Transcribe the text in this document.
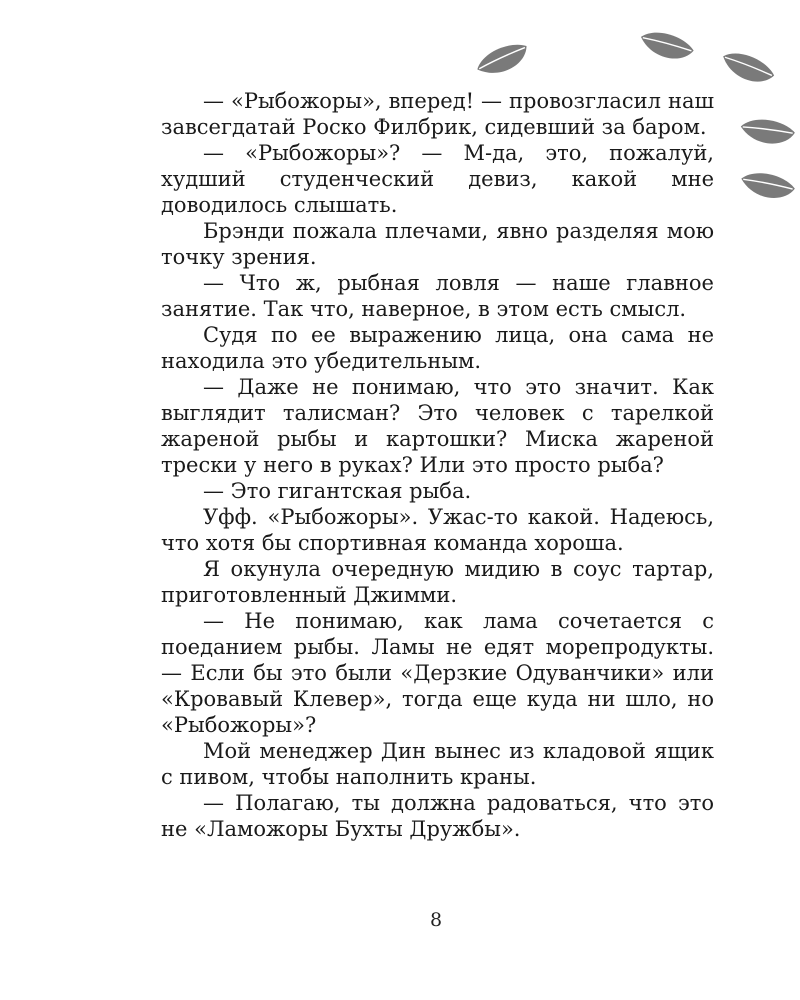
— «Рыбожоры», вперед! — провозгласил наш завсегдатай Роско Филбрик, сидевший за баром.

— «Рыбожоры»? — М-да, это, пожалуй, худший студенческий девиз, какой мне доводилось слышать.

Брэнди пожала плечами, явно разделяя мою точку зрения.

— Что ж, рыбная ловля — наше главное занятие. Так что, наверное, в этом есть смысл.

Судя по ее выражению лица, она сама не находила это убедительным.

— Даже не понимаю, что это значит. Как выглядит талисман? Это человек с тарелкой жареной рыбы и картошки? Миска жареной трески у него в руках? Или это просто рыба?

— Это гигантская рыба.

Уфф. «Рыбожоры». Ужас-то какой. Надеюсь, что хотя бы спортивная команда хороша.

Я окунула очередную мидию в соус тартар, приготовленный Джимми.

— Не понимаю, как лама сочетается с поеданием рыбы. Ламы не едят морепродукты. — Если бы это были «Дерзкие Одуванчики» или «Кровавый Клевер», тогда еще куда ни шло, но «Рыбожоры»?

Мой менеджер Дин вынес из кладовой ящик с пивом, чтобы наполнить краны.

— Полагаю, ты должна радоваться, что это не «Ламожоры Бухты Дружбы».

8
